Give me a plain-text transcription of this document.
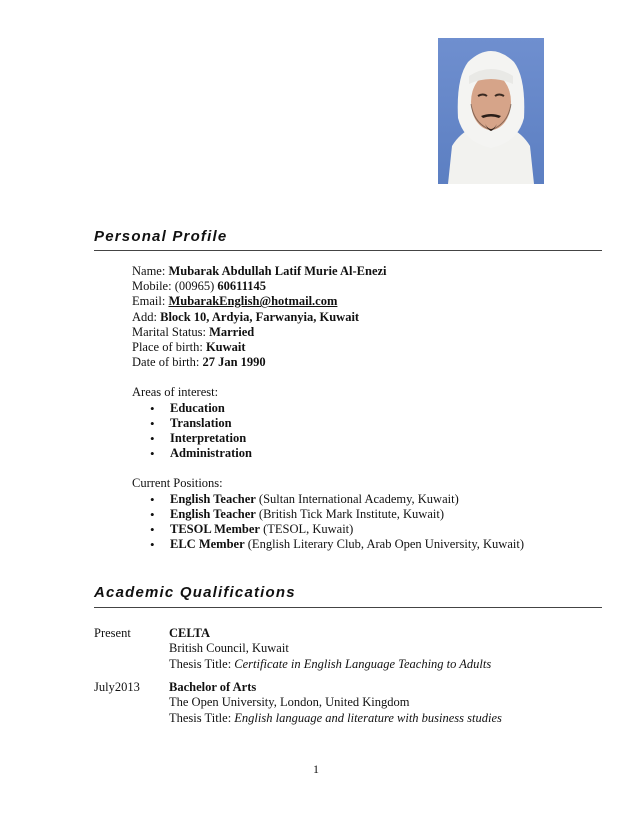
Personal Profile
Name: Mubarak Abdullah Latif Murie Al-Enezi
Mobile: (00965) 60611145
Email: MubarakEnglish@hotmail.com
Add: Block 10, Ardyia, Farwanyia, Kuwait
Marital Status: Married
Place of birth: Kuwait
Date of birth: 27 Jan 1990
Areas of interest:
• Education
• Translation
• Interpretation
• Administration
Current Positions:
• English Teacher (Sultan International Academy, Kuwait)
• English Teacher (British Tick Mark Institute, Kuwait)
• TESOL Member (TESOL, Kuwait)
• ELC Member (English Literary Club, Arab Open University, Kuwait)
Academic Qualifications
Present	CELTA
British Council, Kuwait
Thesis Title: Certificate in English Language Teaching to Adults
July2013 Bachelor of Arts
The Open University, London, United Kingdom
Thesis Title: English language and literature with business studies
1
